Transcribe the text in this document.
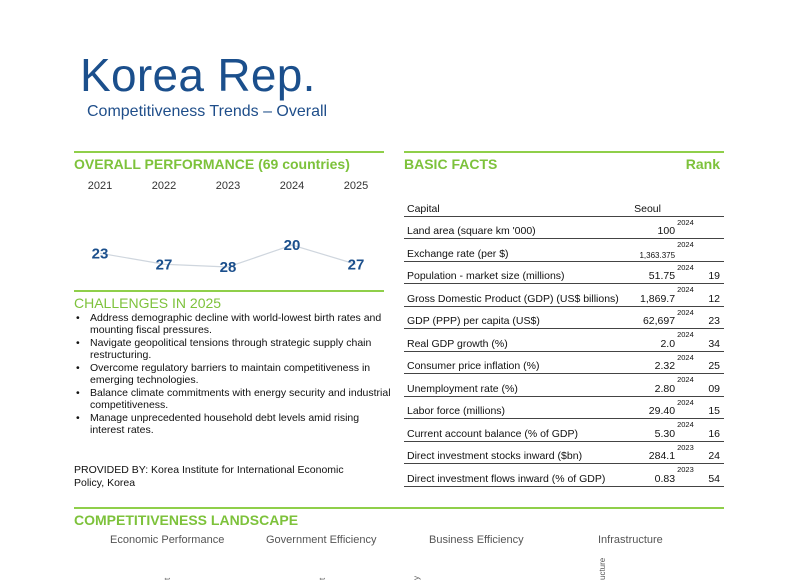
Korea Rep.
Competitiveness Trends – Overall
OVERALL PERFORMANCE (69 countries)
2021	2022	2023	2024	2025
23
27	28
20
27
CHALLENGES IN 2025
• Address demographic decline with world-lowest birth rates and mounting fiscal pressures.
• Navigate geopolitical tensions through strategic supply chain restructuring.
• Overcome regulatory barriers to maintain competitiveness in emerging technologies.
• Balance climate commitments with energy security and industrial competitiveness.
• Manage unprecedented household debt levels amid rising interest rates.
PROVIDED BY: Korea Institute for International Economic Policy, Korea
BASIC FACTS	Rank
Capital	Seoul		
Land area (square km '000)	100	2024	
Exchange rate (per $)	1,363.375	2024	
Population - market size (millions)	51.75	2024	19
Gross Domestic Product (GDP) (US$ billions)	1,869.7	2024	12
GDP (PPP) per capita (US$)	62,697	2024	23
Real GDP growth (%)	2.0	2024	34
Consumer price inflation (%)	2.32	2024	25
Unemployment rate (%)	2.80	2024	09
Labor force (millions)	29.40	2024	15
Current account balance (% of GDP)	5.30	2024	16
Direct investment stocks inward ($bn)	284.1	2023	24
Direct investment flows inward (% of GDP)	0.83	2023	54
COMPETITIVENESS LANDSCAPE
Economic Performance	Government Efficiency	Business Efficiency	Infrastructure
t	t	y	ucture
